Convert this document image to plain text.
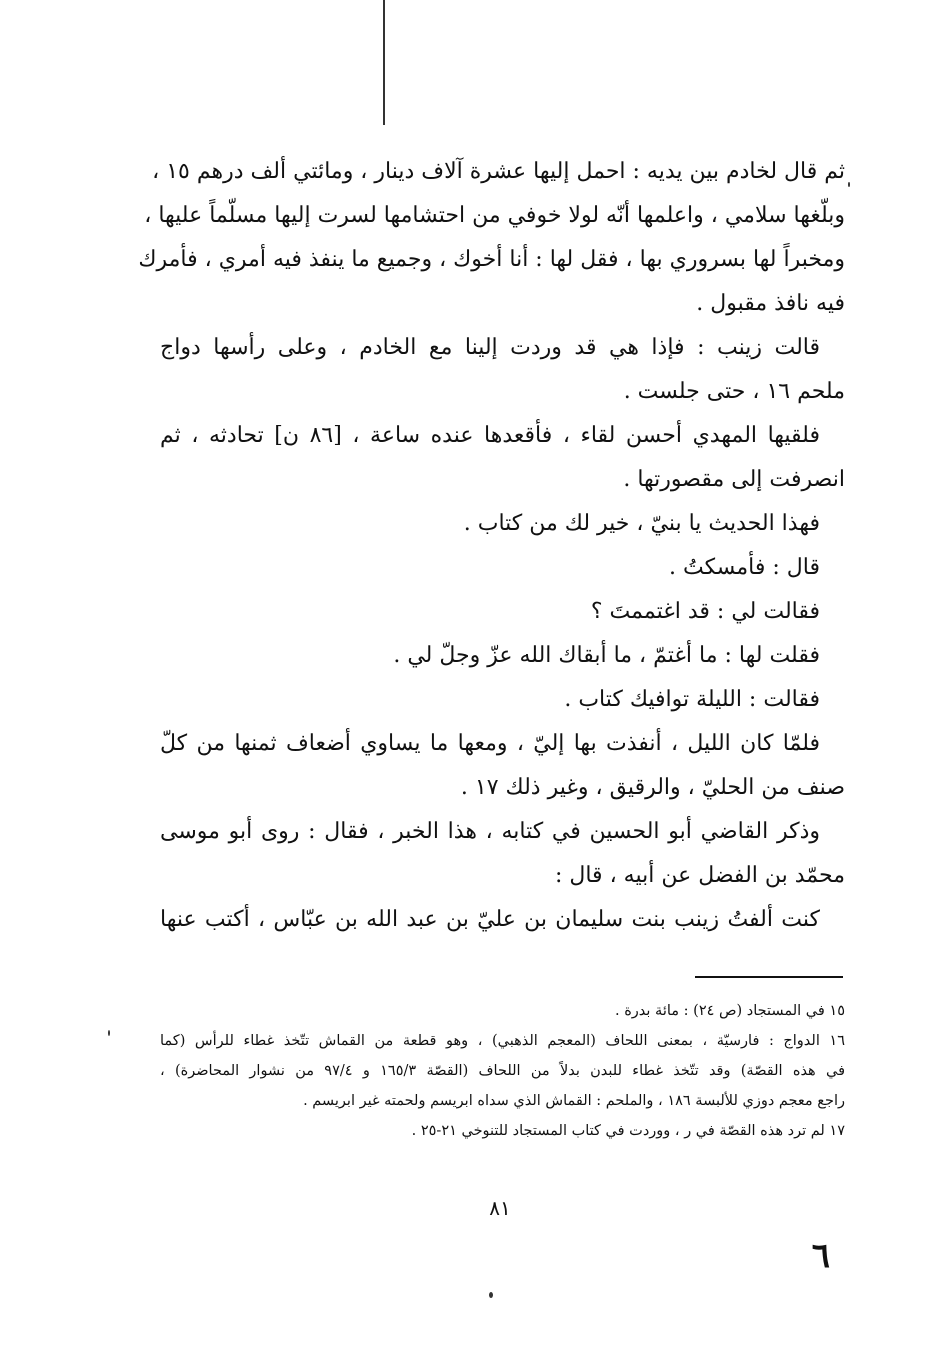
ثم قال لخادم بين يديه : احمل إليها عشرة آلاف دينار ، ومائتي ألف درهم ١٥ ،
وبلّغها سلامي ، واعلمها أنّه لولا خوفي من احتشامها لسرت إليها مسلّماً عليها ،
ومخبراً لها بسروري بها ، فقل لها : أنا أخوك ، وجميع ما ينفذ فيه أمري ، فأمرك
فيه نافذ مقبول .
قالت زينب : فإذا هي قد وردت إلينا مع الخادم ، وعلى رأسها دواج
ملحم ١٦ ، حتى جلست .
فلقيها المهدي أحسن لقاء ، فأقعدها عنده ساعة ، [٨٦ ن] تحادثه ، ثم
انصرفت إلى مقصورتها .
فهذا الحديث يا بنيّ ، خير لك من كتاب .
قال : فأمسكتُ .
فقالت لي : قد اغتممتَ ؟
فقلت لها : ما أغتمّ ، ما أبقاك الله عزّ وجلّ لي .
فقالت : الليلة توافيك كتاب .
فلمّا كان الليل ، أنفذت بها إليّ ، ومعها ما يساوي أضعاف ثمنها من كلّ
صنف من الحليّ ، والرقيق ، وغير ذلك ١٧ .
وذكر القاضي أبو الحسين في كتابه ، هذا الخبر ، فقال : روى أبو موسى
محمّد بن الفضل عن أبيه ، قال :
كنت ألفتُ زينب بنت سليمان بن عليّ بن عبد الله بن عبّاس ، أكتب عنها
١٥ في المستجاد (ص ٢٤) : مائة بدرة .
١٦ الدواج : فارسيّة ، بمعنى اللحاف (المعجم الذهبي) ، وهو قطعة من القماش تتّخذ غطاء للرأس (كما
في هذه القصّة) وقد تتّخذ غطاء للبدن بدلاً من اللحاف (القصّة ١٦٥/٣ و ٩٧/٤ من نشوار المحاضرة) ،
راجع معجم دوزي للألبسة ١٨٦ ، والملحم : القماش الذي سداه ابريسم ولحمته غير ابريسم .
١٧ لم ترد هذه القصّة في ر ، ووردت في كتاب المستجاد للتنوخي ٢١-٢٥ .
٨١
٦
